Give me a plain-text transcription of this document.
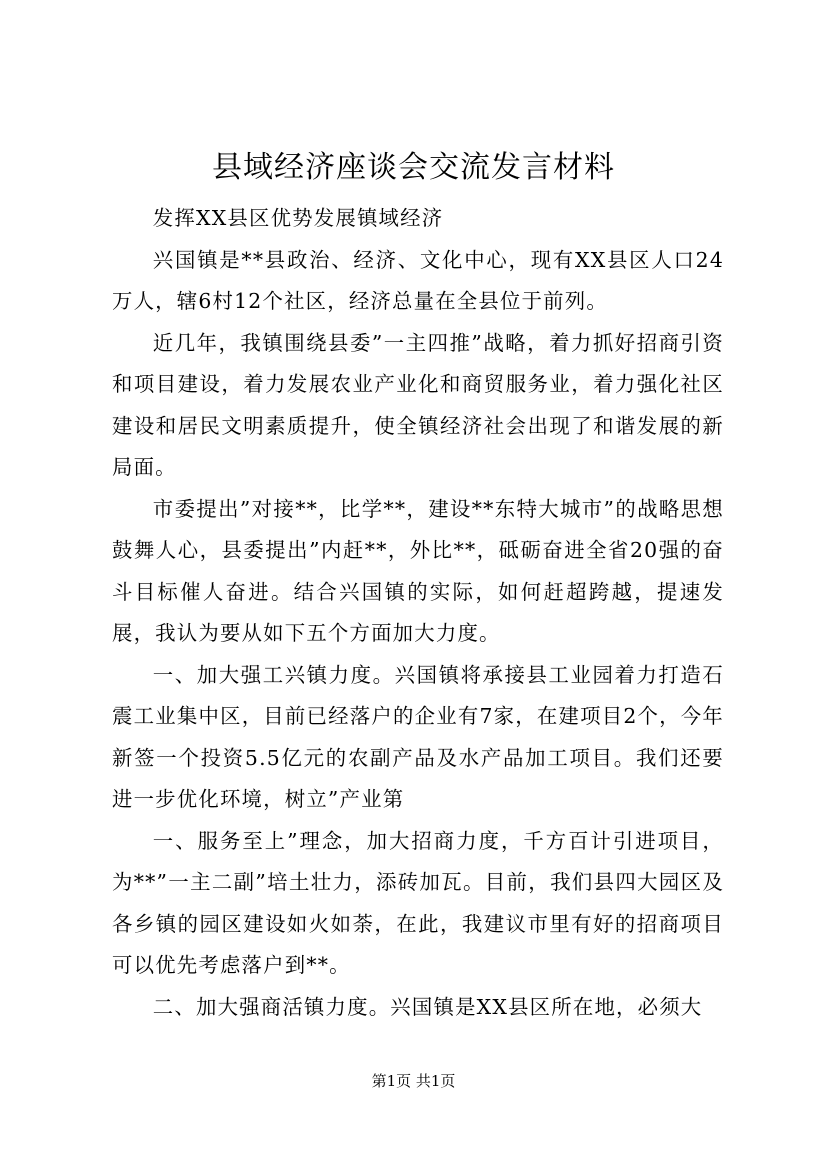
县域经济座谈会交流发言材料

发挥XX县区优势发展镇域经济

兴国镇是**县政治、经济、文化中心，现有XX县区人口24万人，辖6村12个社区，经济总量在全县位于前列。

近几年，我镇围绕县委”一主四推”战略，着力抓好招商引资和项目建设，着力发展农业产业化和商贸服务业，着力强化社区建设和居民文明素质提升，使全镇经济社会出现了和谐发展的新局面。

市委提出”对接**，比学**，建设**东特大城市”的战略思想鼓舞人心，县委提出”内赶**，外比**，砥砺奋进全省20强的奋斗目标催人奋进。结合兴国镇的实际，如何赶超跨越，提速发展，我认为要从如下五个方面加大力度。

一、加大强工兴镇力度。兴国镇将承接县工业园着力打造石震工业集中区，目前已经落户的企业有7家，在建项目2个，今年新签一个投资5.5亿元的农副产品及水产品加工项目。我们还要进一步优化环境，树立”产业第

一、服务至上”理念，加大招商力度，千方百计引进项目，为**”一主二副”培土壮力，添砖加瓦。目前，我们县四大园区及各乡镇的园区建设如火如荼，在此，我建议市里有好的招商项目可以优先考虑落户到**。

二、加大强商活镇力度。兴国镇是XX县区所在地，必须大

第1页 共1页
